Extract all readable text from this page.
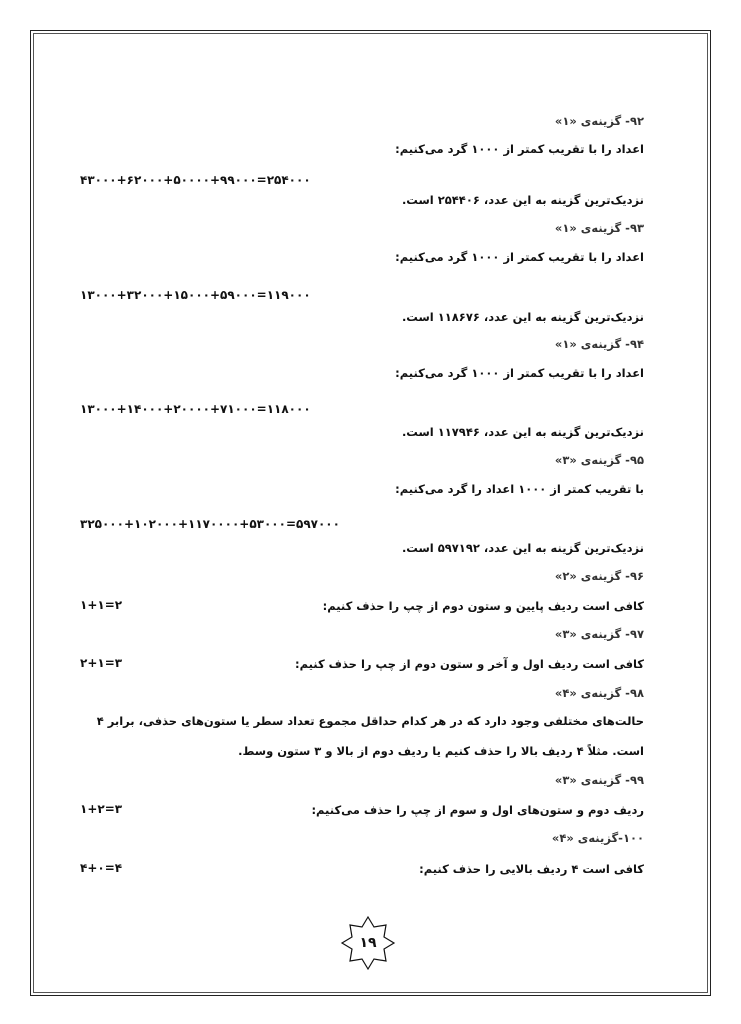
۹۲- گزینه‌ی «۱»
اعداد را با تقریب کمتر از ۱۰۰۰ گرد می‌کنیم:
۴۳۰۰۰+۶۲۰۰۰+۵۰۰۰۰+۹۹۰۰۰=۲۵۴۰۰۰
نزدیک‌ترین گزینه به این عدد، ۲۵۴۴۰۶ است.
۹۳- گزینه‌ی «۱»
اعداد را با تقریب کمتر از ۱۰۰۰ گرد می‌کنیم:
۱۳۰۰۰+۳۲۰۰۰+۱۵۰۰۰+۵۹۰۰۰=۱۱۹۰۰۰
نزدیک‌ترین گزینه به این عدد، ۱۱۸۶۷۶ است.
۹۴- گزینه‌ی «۱»
اعداد را با تقریب کمتر از ۱۰۰۰ گرد می‌کنیم:
۱۳۰۰۰+۱۴۰۰۰+۲۰۰۰۰+۷۱۰۰۰=۱۱۸۰۰۰
نزدیک‌ترین گزینه به این عدد، ۱۱۷۹۴۶ است.
۹۵- گزینه‌ی «۳»
با تقریب کمتر از ۱۰۰۰ اعداد را گرد می‌کنیم:
۳۲۵۰۰۰+۱۰۲۰۰۰+۱۱۷۰۰۰۰+۵۳۰۰۰=۵۹۷۰۰۰
نزدیک‌ترین گزینه به این عدد، ۵۹۷۱۹۲ است.
۹۶- گزینه‌ی «۲»
کافی است ردیف پایین و ستون دوم از چپ را حذف کنیم:
۱+۱=۲
۹۷- گزینه‌ی «۳»
کافی است ردیف اول و آخر و ستون دوم از چپ را حذف کنیم:
۲+۱=۳
۹۸- گزینه‌ی «۴»
حالت‌های مختلفی وجود دارد که در هر کدام حداقل مجموع تعداد سطر یا ستون‌های حذفی، برابر ۴ است. مثلاً ۴ ردیف بالا را حذف کنیم یا ردیف دوم از بالا و ۳ ستون وسط.
۹۹- گزینه‌ی «۳»
ردیف دوم و ستون‌های اول و سوم از چپ را حذف می‌کنیم:
۱+۲=۳
۱۰۰-گزینه‌ی «۴»
کافی است ۴ ردیف بالایی را حذف کنیم:
۴+۰=۴
۱۹
